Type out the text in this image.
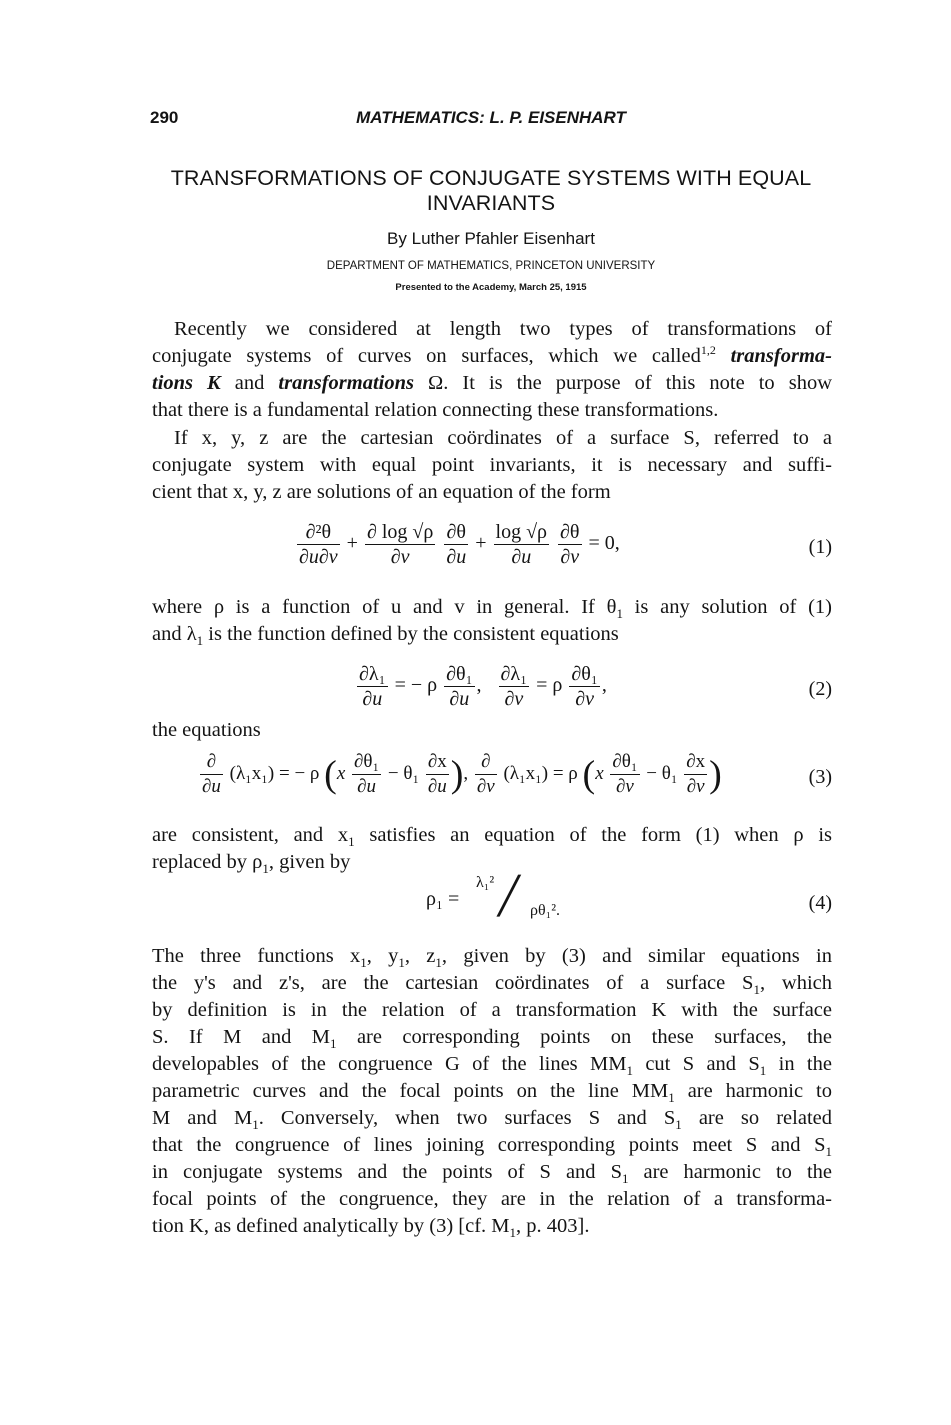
290	MATHEMATICS: L. P. EISENHART
TRANSFORMATIONS OF CONJUGATE SYSTEMS WITH EQUAL
INVARIANTS
By Luther Pfahler Eisenhart
DEPARTMENT OF MATHEMATICS, PRINCETON UNIVERSITY
Presented to the Academy, March 25, 1915
Recently we considered at length two types of transformations of
conjugate systems of curves on surfaces, which we called$^{1,2}$ transforma-
tions K and transformations Ω. It is the purpose of this note to show
that there is a fundamental relation connecting these transformations.
If x, y, z are the cartesian coördinates of a surface S, referred to a
conjugate system with equal point invariants, it is necessary and suffi-
cient that x, y, z are solutions of an equation of the form
$\frac{\text{∂²θ}}{\partial u\partial v} + \frac{\partial \log √\rho}{\partial v}$
$\frac{\partial\theta}{\partial u} + \frac{\log √\rho}{\partial u}$
$\frac{\partial\theta}{\partial v} = 0$,	(1)
where ρ is a function of u and v in general. If $\theta_1$ is any solution of (1)
and $\lambda_1$ is the function defined by the consistent equations
$\frac{\text{∂λ₁}}{\partial u}$ = − ρ $\frac{\text{∂θ₁}}{\partial u}$ , $\frac{\text{∂λ₁}}{\partial v} = \rho \frac{\text{∂θ₁}}{\partial v}$ ,	(2)
the equations
$\frac{\partial}{\partial u} (\lambda_1x_1)$ = − ρ ($x \frac{\text{∂θ₁}}{\partial u} - \theta_1 \frac{\partial x}{\partial u}$ ), $\frac{\partial}{\partial v} (\lambda_1x_1) = \rho$ ($x \frac{\text{∂θ₁}}{\partial v} - \theta_1 \frac{\partial x}{\partial v}$ )	(3)
are consistent, and $x_1$ satisfies an equation of the form (1) when ρ is
replaced by $\rho_1$, given by
ρ₁ =
λ₁² ╱ ρθ₁².	(4)
The three functions $x_1$, $y_1$, $z_1$, given by (3) and similar equations in
the y's and z's, are the cartesian coördinates of a surface $S_1$, which
by definition is in the relation of a transformation K with the surface
S. If M and $M_1$ are corresponding points on these surfaces, the
developables of the congruence G of the lines $MM_1$ cut S and $S_1$ in the
parametric curves and the focal points on the line $MM_1$ are harmonic to
M and $M_1$. Conversely, when two surfaces S and $S_1$ are so related
that the congruence of lines joining corresponding points meet S and $S_1$
in conjugate systems and the points of S and $S_1$ are harmonic to the
focal points of the congruence, they are in the relation of a transforma-
tion K, as defined analytically by (3) [cf. $M_1$, p. 403].
